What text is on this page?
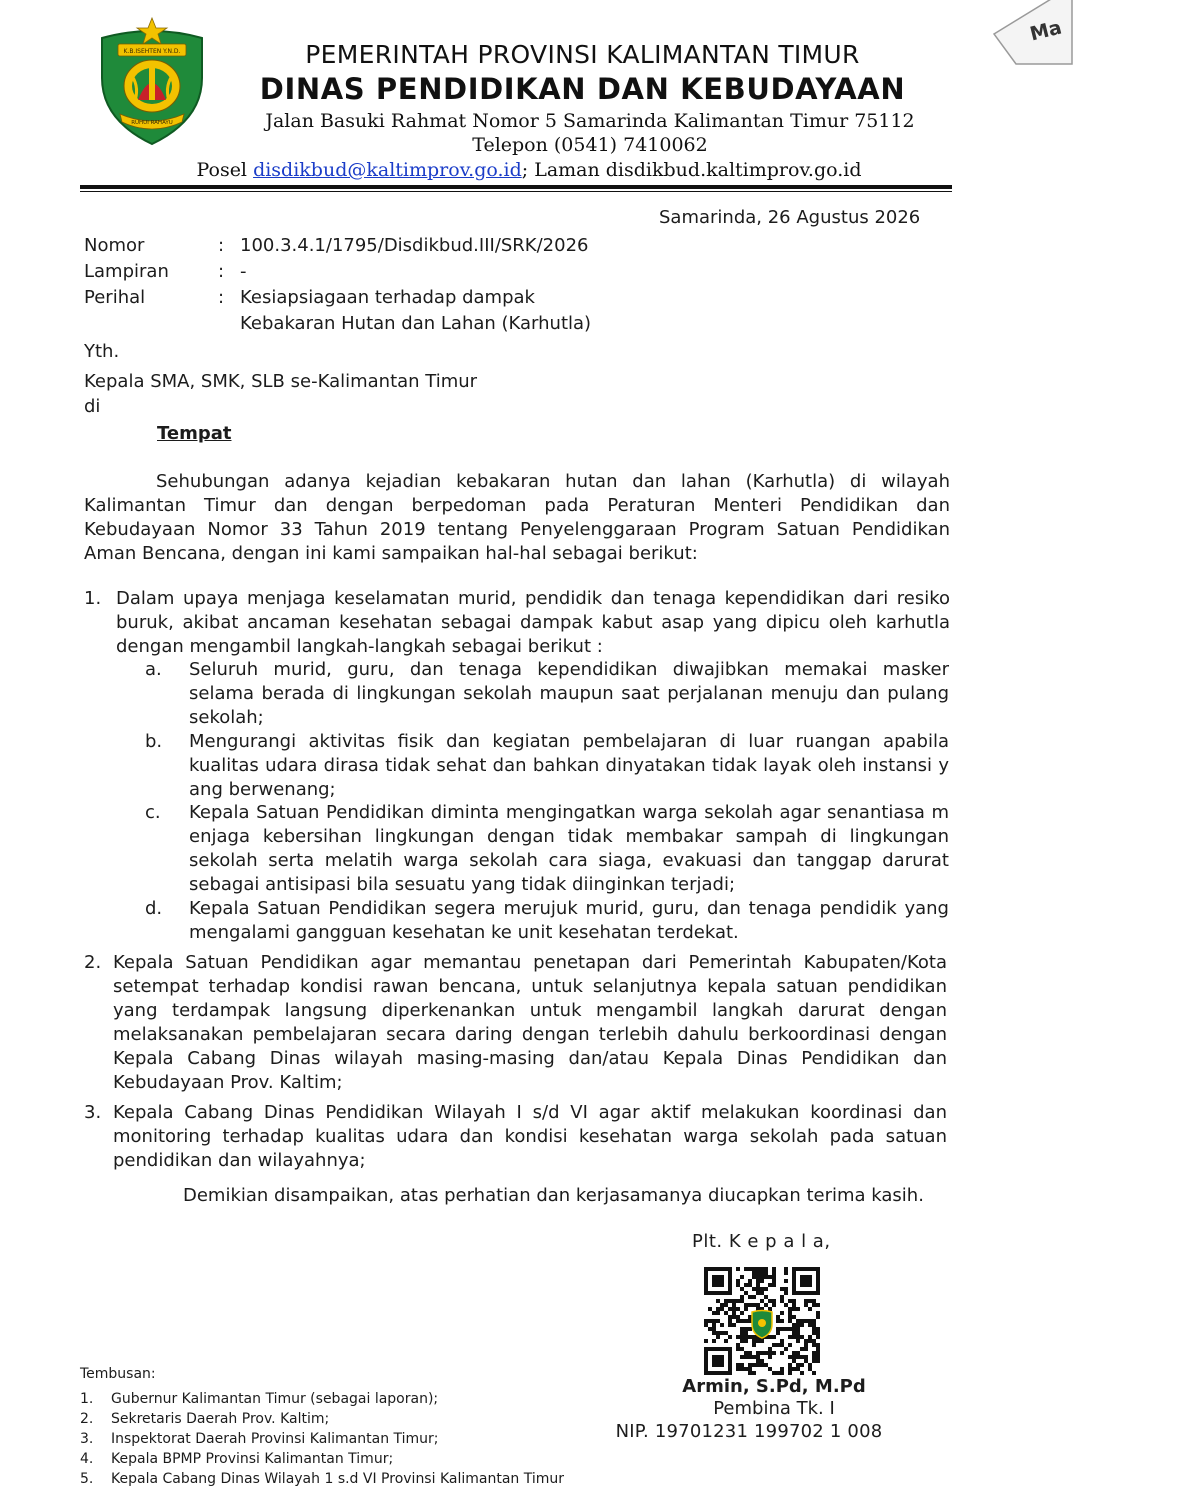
Ma
K.B.ISEHTEN Y.N.D.
RUHUI RAHAYU
PEMERINTAH PROVINSI KALIMANTAN TIMUR
DINAS PENDIDIKAN DAN KEBUDAYAAN
Jalan Basuki Rahmat Nomor 5 Samarinda Kalimantan Timur 75112
Telepon (0541) 7410062
Posel disdikbud@kaltimprov.go.id; Laman disdikbud.kaltimprov.go.id
Samarinda, 26 Agustus 2026
Nomor	: 100.3.4.1/1795/Disdikbud.III/SRK/2026
Lampiran	: -
Perihal	: Kesiapsiagaan terhadap dampak
Kebakaran Hutan dan Lahan (Karhutla)
Yth.
Kepala SMA, SMK, SLB se-Kalimantan Timur
di
Tempat
Sehubungan adanya kejadian kebakaran hutan dan lahan (Karhutla) di wilayah
Kalimantan Timur dan dengan berpedoman pada Peraturan Menteri Pendidikan dan
Kebudayaan Nomor 33 Tahun 2019 tentang Penyelenggaraan Program Satuan Pendidikan
Aman Bencana, dengan ini kami sampaikan hal-hal sebagai berikut:
1. Dalam upaya menjaga keselamatan murid, pendidik dan tenaga kependidikan dari resiko
buruk, akibat ancaman kesehatan sebagai dampak kabut asap yang dipicu oleh karhutla
dengan mengambil langkah-langkah sebagai berikut :
a. Seluruh murid, guru, dan tenaga kependidikan diwajibkan memakai masker
selama berada di lingkungan sekolah maupun saat perjalanan menuju dan pulang
sekolah;
b. Mengurangi aktivitas fisik dan kegiatan pembelajaran di luar ruangan apabila
kualitas udara dirasa tidak sehat dan bahkan dinyatakan tidak layak oleh instansi y
ang berwenang;
c. Kepala Satuan Pendidikan diminta mengingatkan warga sekolah agar senantiasa m
enjaga kebersihan lingkungan dengan tidak membakar sampah di lingkungan
sekolah serta melatih warga sekolah cara siaga, evakuasi dan tanggap darurat
sebagai antisipasi bila sesuatu yang tidak diinginkan terjadi;
d. Kepala Satuan Pendidikan segera merujuk murid, guru, dan tenaga pendidik yang
mengalami gangguan kesehatan ke unit kesehatan terdekat.
2. Kepala Satuan Pendidikan agar memantau penetapan dari Pemerintah Kabupaten/Kota
setempat terhadap kondisi rawan bencana, untuk selanjutnya kepala satuan pendidikan
yang terdampak langsung diperkenankan untuk mengambil langkah darurat dengan
melaksanakan pembelajaran secara daring dengan terlebih dahulu berkoordinasi dengan
Kepala Cabang Dinas wilayah masing-masing dan/atau Kepala Dinas Pendidikan dan
Kebudayaan Prov. Kaltim;
3. Kepala Cabang Dinas Pendidikan Wilayah I s/d VI agar aktif melakukan koordinasi dan
monitoring terhadap kualitas udara dan kondisi kesehatan warga sekolah pada satuan
pendidikan dan wilayahnya;
Demikian disampaikan, atas perhatian dan kerjasamanya diucapkan terima kasih.
Plt. K e p a l a,
Armin, S.Pd, M.Pd
Pembina Tk. I
NIP. 19701231 199702 1 008
Tembusan:
1. Gubernur Kalimantan Timur (sebagai laporan);
2. Sekretaris Daerah Prov. Kaltim;
3. Inspektorat Daerah Provinsi Kalimantan Timur;
4. Kepala BPMP Provinsi Kalimantan Timur;
5. Kepala Cabang Dinas Wilayah 1 s.d VI Provinsi Kalimantan Timur
